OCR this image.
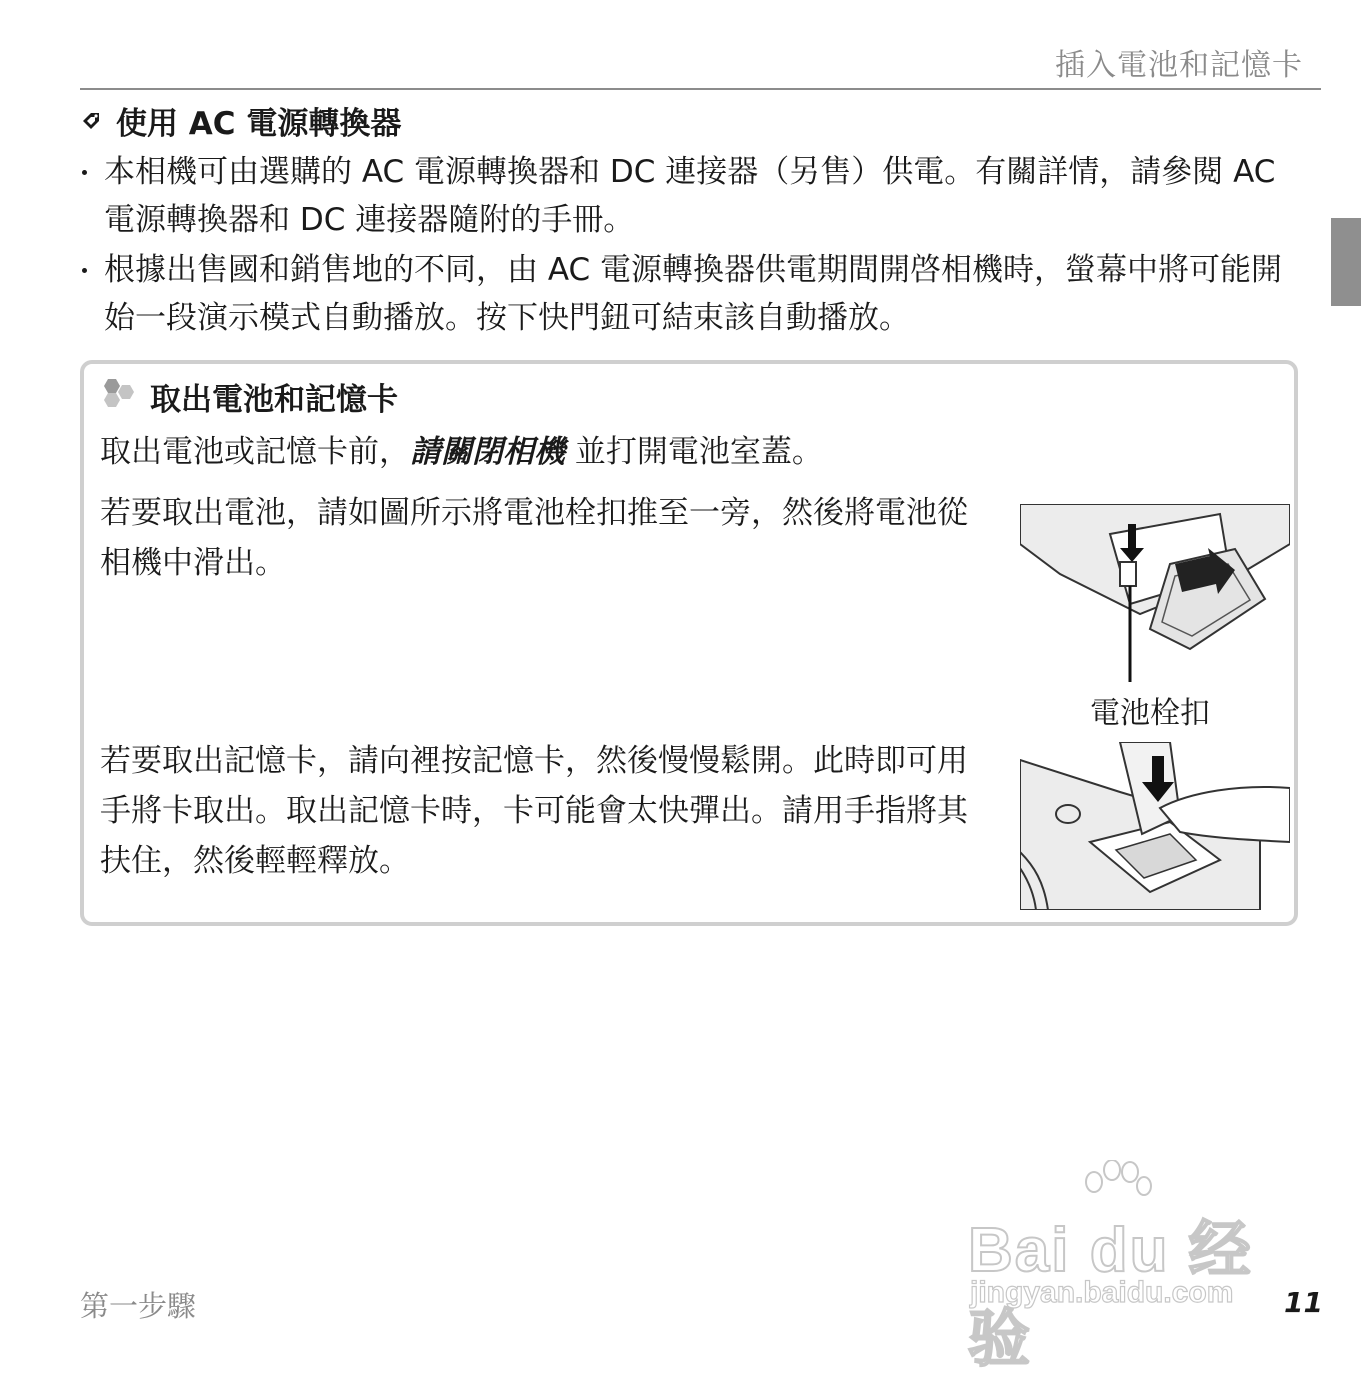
插入電池和記憶卡
使用 AC 電源轉換器
本相機可由選購的 AC 電源轉換器和 DC 連接器（另售）供電。有關詳情，請參閱 AC 電源轉換器和 DC 連接器隨附的手冊。
根據出售國和銷售地的不同，由 AC 電源轉換器供電期間開啓相機時，螢幕中將可能開始一段演示模式自動播放。按下快門鈕可結束該自動播放。
取出電池和記憶卡
取出電池或記憶卡前，請關閉相機 並打開電池室蓋。

若要取出電池，請如圖所示將電池栓扣推至一旁，然後將電池從相機中滑出。

電池栓扣

若要取出記憶卡，請向裡按記憶卡，然後慢慢鬆開。此時即可用手將卡取出。取出記憶卡時，卡可能會太快彈出。請用手指將其扶住，然後輕輕釋放。

Bai du 经验
jingyan.baidu.com
第一步驟	11
